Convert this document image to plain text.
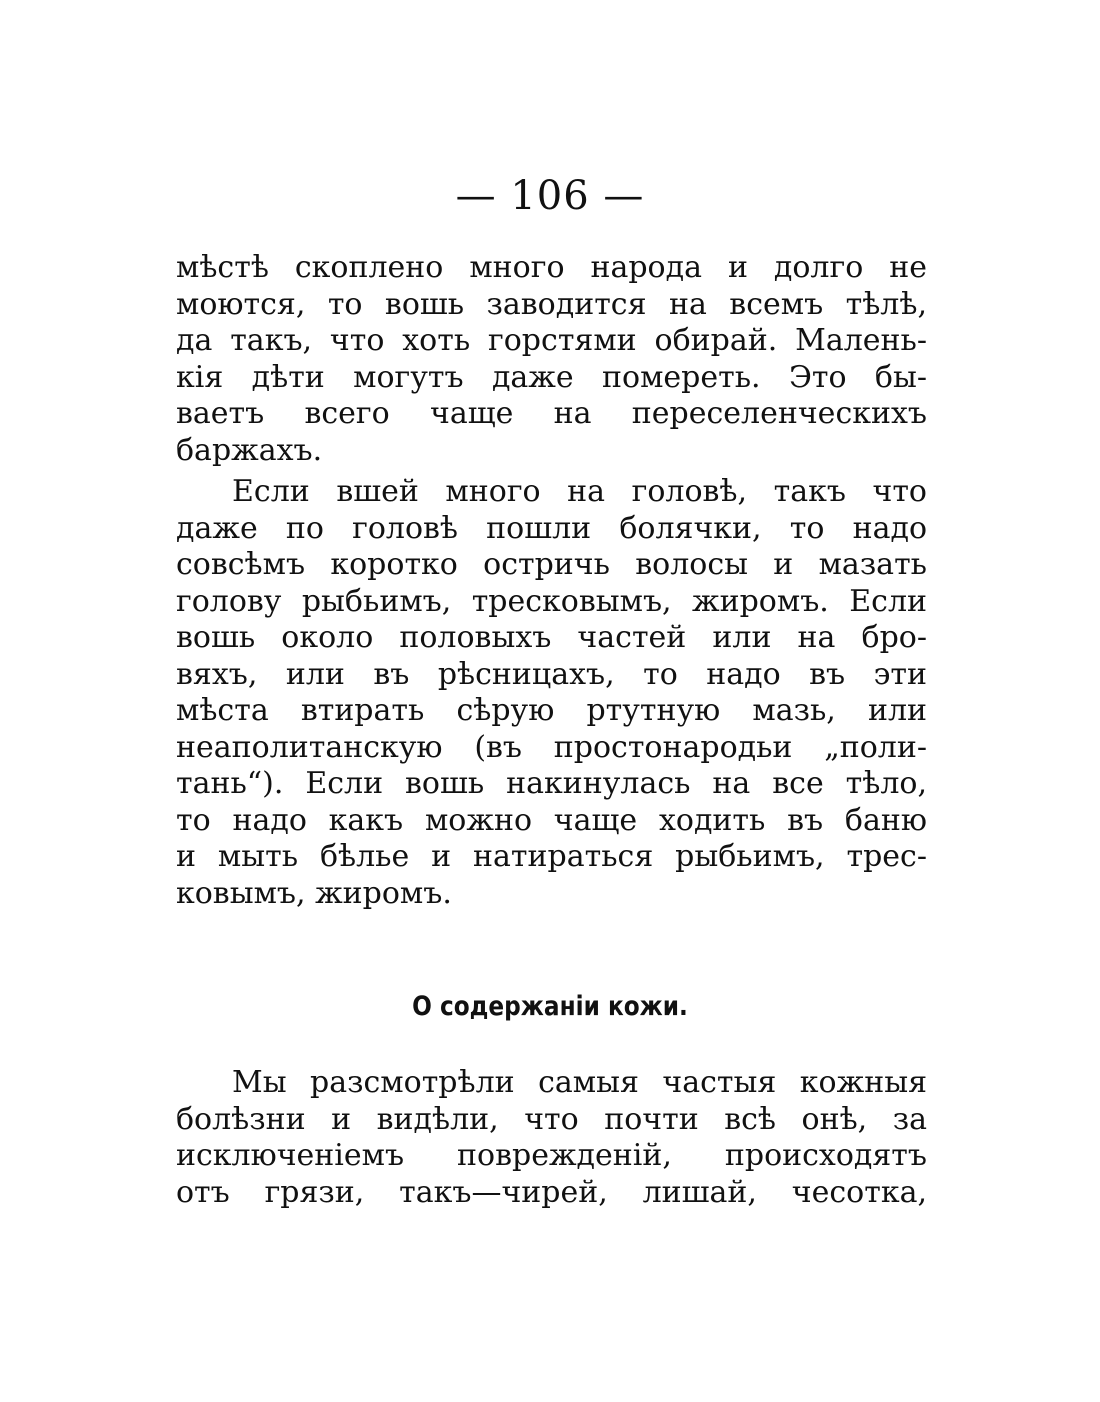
— 106 —
мѣстѣ скоплено много народа и долго не
моются, то вошь заводится на всемъ тѣлѣ,
да такъ, что хоть горстями обирай. Малень-
кія дѣти могутъ даже помереть. Это бы-
ваетъ всего чаще на переселенческихъ
баржахъ.
Если вшей много на головѣ, такъ что
даже по головѣ пошли болячки, то надо
совсѣмъ коротко остричь волосы и мазать
голову рыбьимъ, тресковымъ, жиромъ. Если
вошь около половыхъ частей или на бро-
вяхъ, или въ рѣсницахъ, то надо въ эти
мѣста втирать сѣрую ртутную мазь, или
неаполитанскую (въ простонародьи „поли-
тань“). Если вошь накинулась на все тѣло,
то надо какъ можно чаще ходить въ баню
и мыть бѣлье и натираться рыбьимъ, трес-
ковымъ, жиромъ.
О содержанiи кожи.
Мы разсмотрѣли самыя частыя кожныя
болѣзни и видѣли, что почти всѣ онѣ, за
исключеніемъ поврежденій, происходятъ
отъ грязи, такъ—чирей, лишай, чесотка,
